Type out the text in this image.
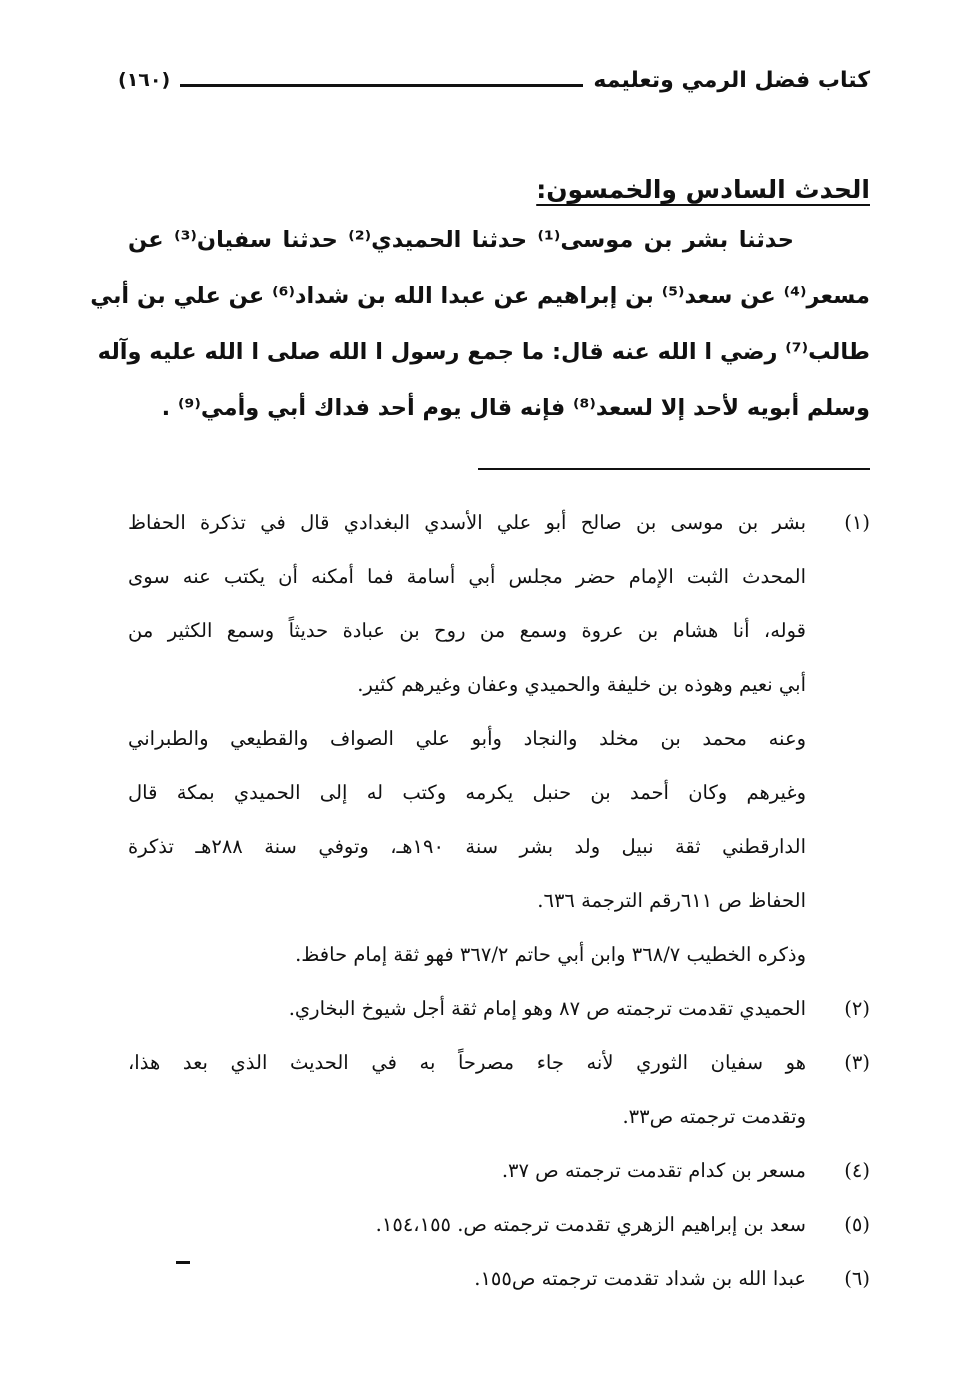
كتاب فضل الرمي وتعليمه
(١٦٠)
الحدث السادس والخمسون:
حدثنا بشر بن موسى⁽¹⁾ حدثنا الحميدي⁽²⁾ حدثنا سفيان⁽³⁾ عن
مسعر⁽⁴⁾ عن سعد⁽⁵⁾ بن إبراهيم عن عبدا الله بن شداد⁽⁶⁾ عن علي بن أبي
طالب⁽⁷⁾ رضي ا الله عنه قال: ما جمع رسول ا الله صلى ا الله عليه وآله
وسلم أبويه لأحد إلا لسعد⁽⁸⁾ فإنه قال يوم أحد فداك أبي وأمي⁽⁹⁾ .
(١)
بشر بن موسى بن صالح أبو علي الأسدي البغدادي قال في تذكرة الحفاظ
المحدث الثبت الإمام حضر مجلس أبي أسامة فما أمكنه أن يكتب عنه سوى
قوله، أنا هشام بن عروة وسمع من روح بن عبادة حديثاً وسمع الكثير من
أبي نعيم وهوذه بن خليفة والحميدي وعفان وغيرهم كثير.
وعنه محمد بن مخلد والنجاد وأبو علي الصواف والقطيعي والطبراني
وغيرهم وكان أحمد بن حنبل يكرمه وكتب له إلى الحميدي بمكة قال
الدارقطني ثقة نبيل ولد بشر سنة ١٩٠هـ، وتوفي سنة ٢٨٨هـ تذكرة
الحفاظ ص ٦١١رقم الترجمة ٦٣٦.
وذكره الخطيب ٣٦٨/٧ وابن أبي حاتم ٣٦٧/٢ فهو ثقة إمام حافظ.
(٢)
الحميدي تقدمت ترجمته ص ٨٧ وهو إمام ثقة أجل شيوخ البخاري.
(٣)
هو سفيان الثوري لأنه جاء مصرحاً به في الحديث الذي بعد هذا،
وتقدمت ترجمته ص٣٣.
(٤)
مسعر بن كدام تقدمت ترجمته ص ٣٧.
(٥)
سعد بن إبراهيم الزهري تقدمت ترجمته ص. ١٥٤،١٥٥.
(٦)
عبدا الله بن شداد تقدمت ترجمته ص١٥٥.
